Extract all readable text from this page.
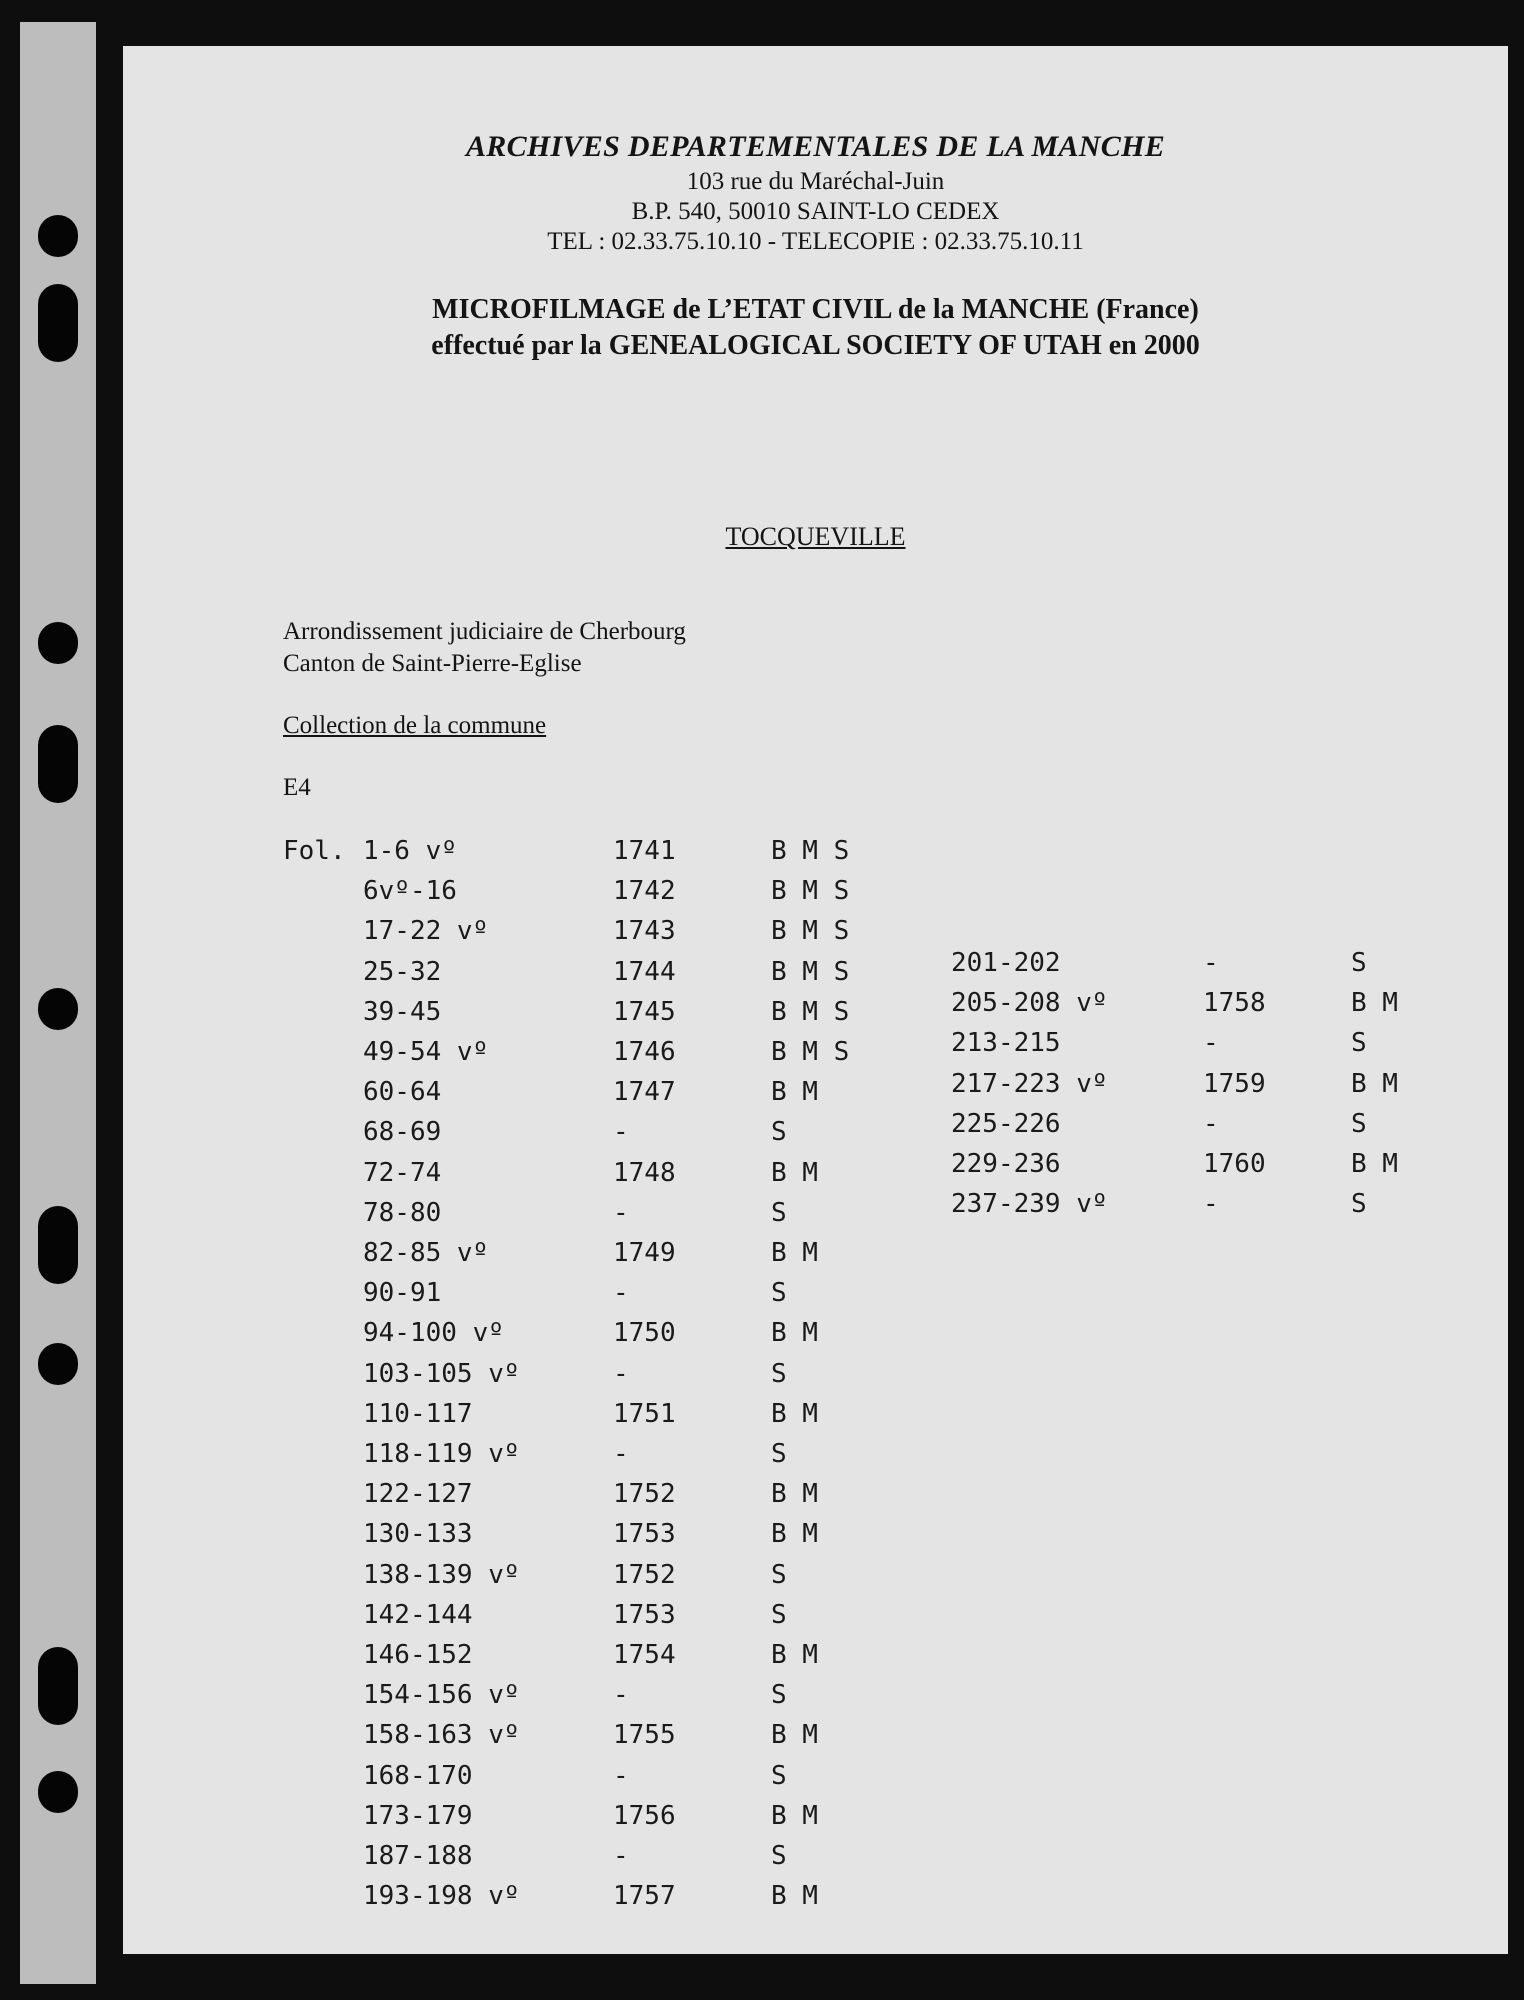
ARCHIVES DEPARTEMENTALES DE LA MANCHE
103 rue du Maréchal-Juin
B.P. 540, 50010 SAINT-LO CEDEX
TEL : 02.33.75.10.10 - TELECOPIE : 02.33.75.10.11
MICROFILMAGE de L’ETAT CIVIL de la MANCHE (France)
effectué par la GENEALOGICAL SOCIETY OF UTAH en 2000
TOCQUEVILLE
Arrondissement judiciaire de Cherbourg
Canton de Saint-Pierre-Eglise
Collection de la commune
E4
Fol. 1-6 vº	1741	B M S
6vº-16	1742	B M S
17-22 vº	1743	B M S
25-32	1744	B M S
39-45	1745	B M S
49-54 vº	1746	B M S
60-64	1747	B M
68-69	-	S
72-74	1748	B M
78-80	-	S
82-85 vº	1749	B M
90-91	-	S
94-100 vº	1750	B M
103-105 vº	-	S
110-117	1751	B M
118-119 vº	-	S
122-127	1752	B M
130-133	1753	B M
138-139 vº	1752	S
142-144	1753	S
146-152	1754	B M
154-156 vº	-	S
158-163 vº	1755	B M
168-170	-	S
173-179	1756	B M
187-188	-	S
193-198 vº	1757	B M
201-202	-	S
205-208 vº	1758	B M
213-215	-	S
217-223 vº	1759	B M
225-226	-	S
229-236	1760	B M
237-239 vº	-	S
